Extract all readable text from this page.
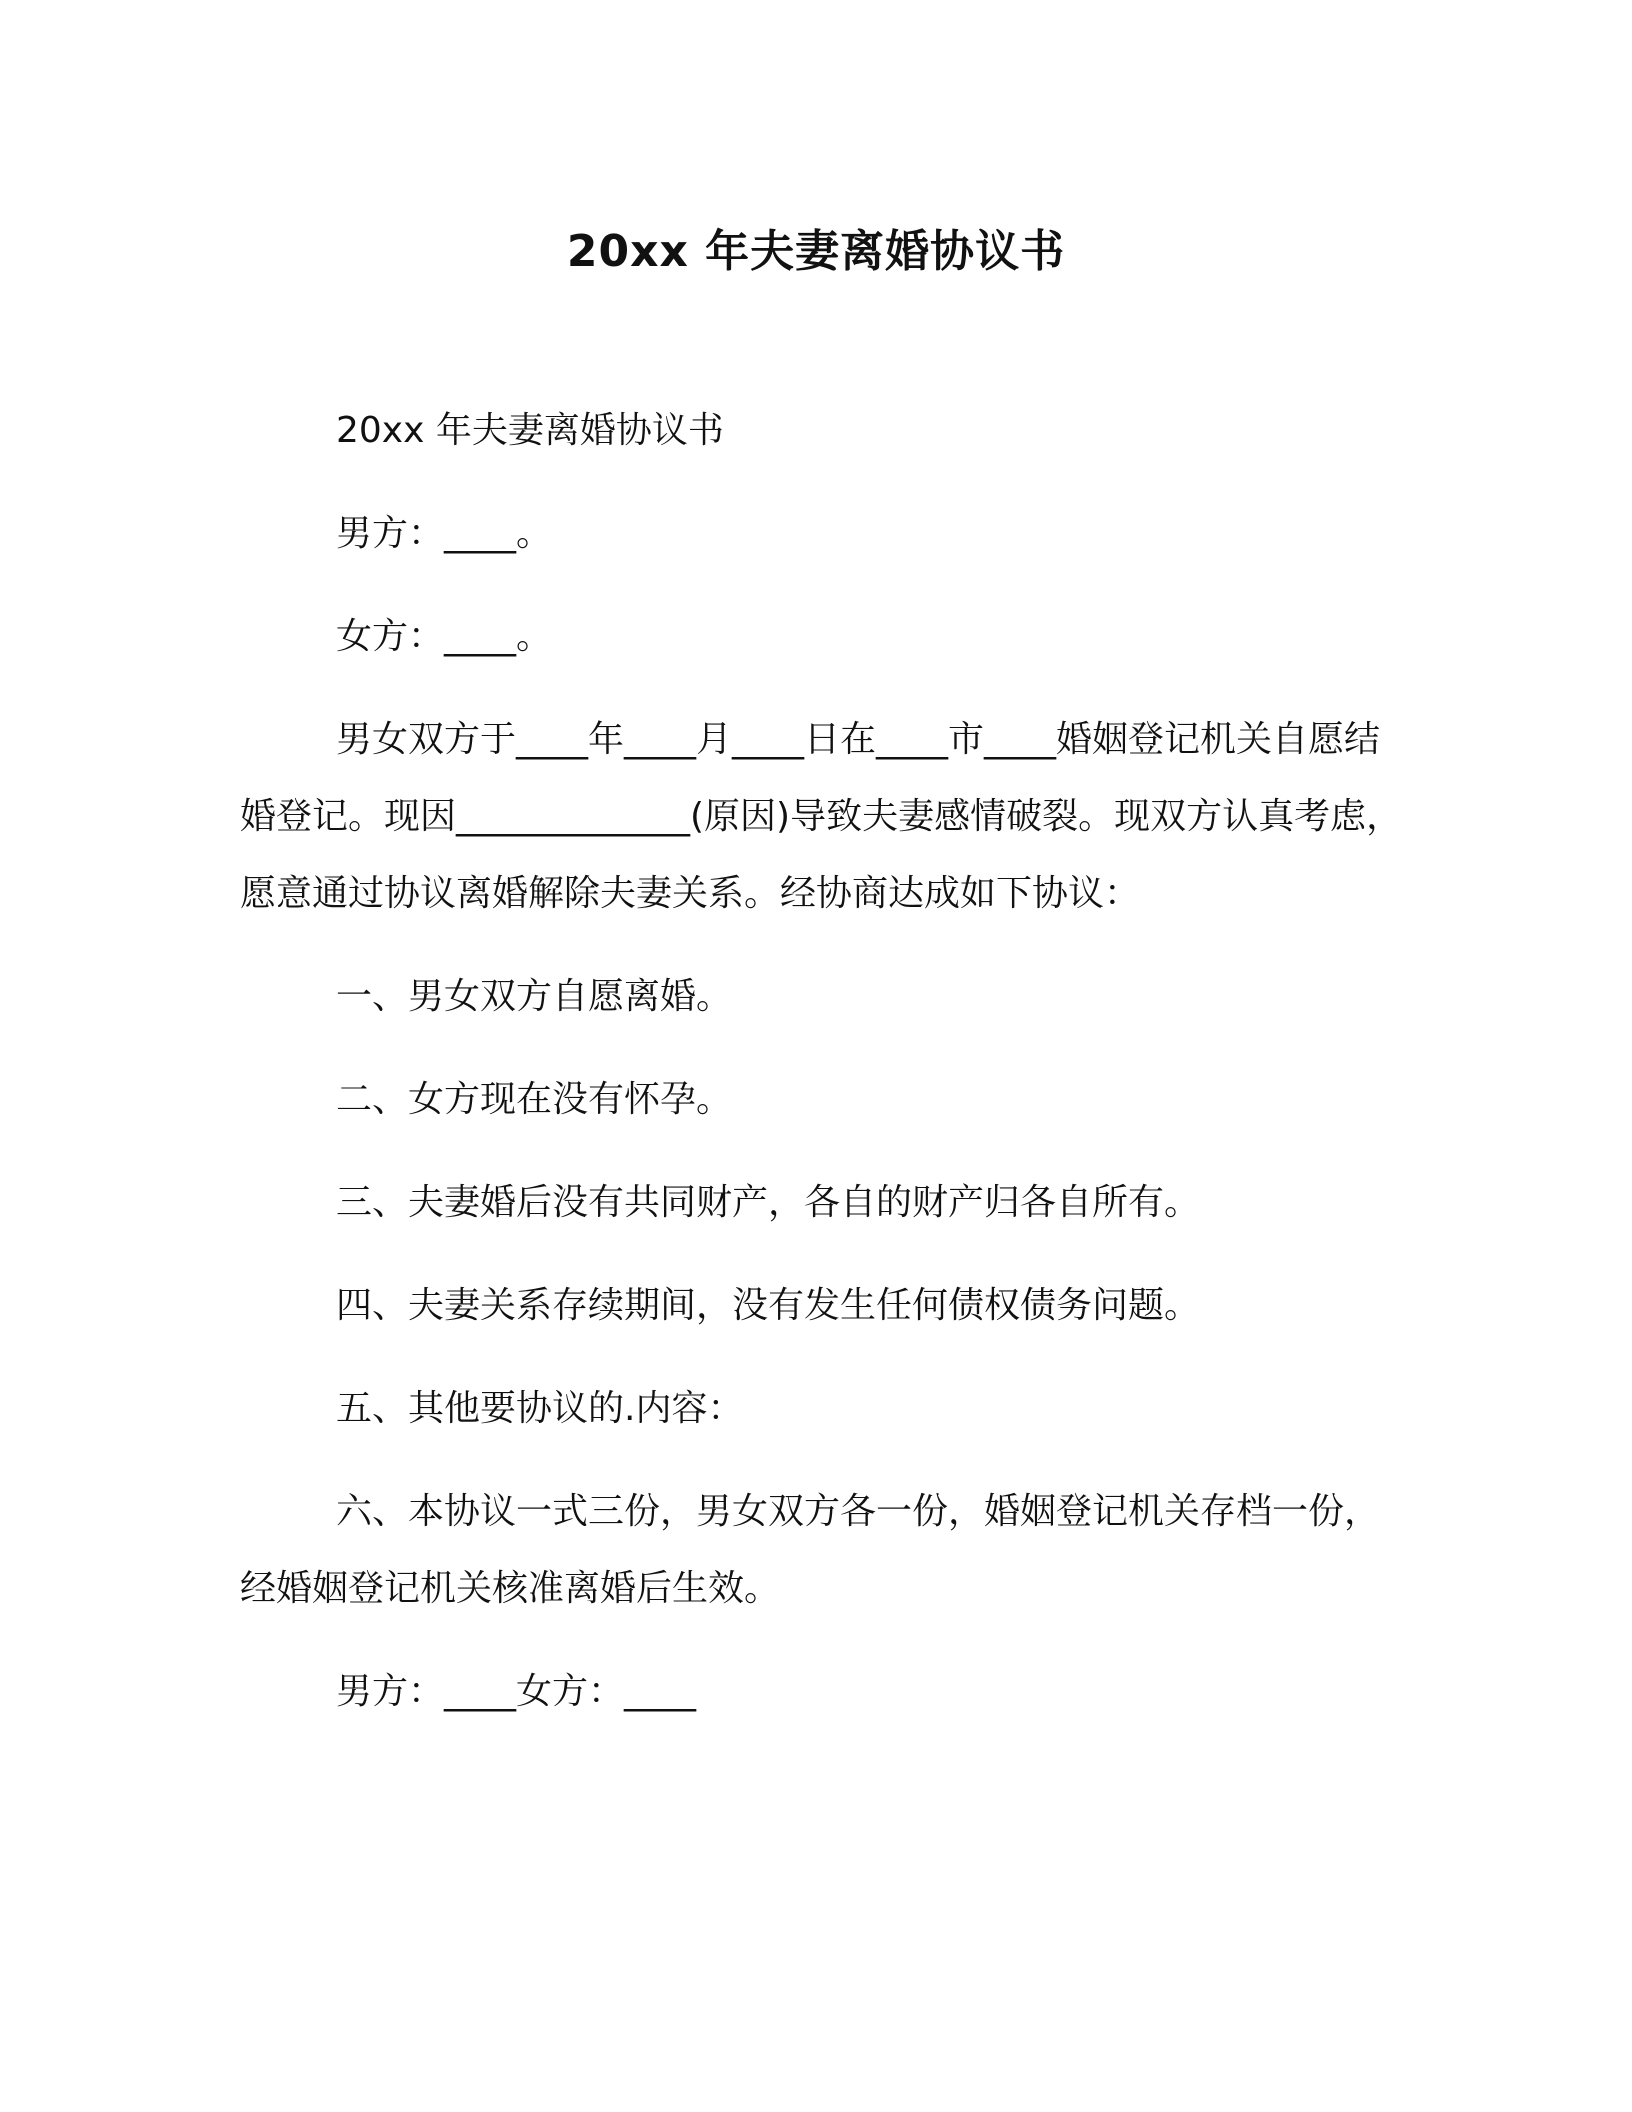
20xx 年夫妻离婚协议书

20xx 年夫妻离婚协议书

男方：____。

女方：____。

男女双方于____年____月____日在____市____婚姻登记机关自愿结婚登记。现因_____________(原因)导致夫妻感情破裂。现双方认真考虑，愿意通过协议离婚解除夫妻关系。经协商达成如下协议：

一、男女双方自愿离婚。

二、女方现在没有怀孕。

三、夫妻婚后没有共同财产，各自的财产归各自所有。

四、夫妻关系存续期间，没有发生任何债权债务问题。

五、其他要协议的.内容：

六、本协议一式三份，男女双方各一份，婚姻登记机关存档一份，经婚姻登记机关核准离婚后生效。

男方：____女方：____
